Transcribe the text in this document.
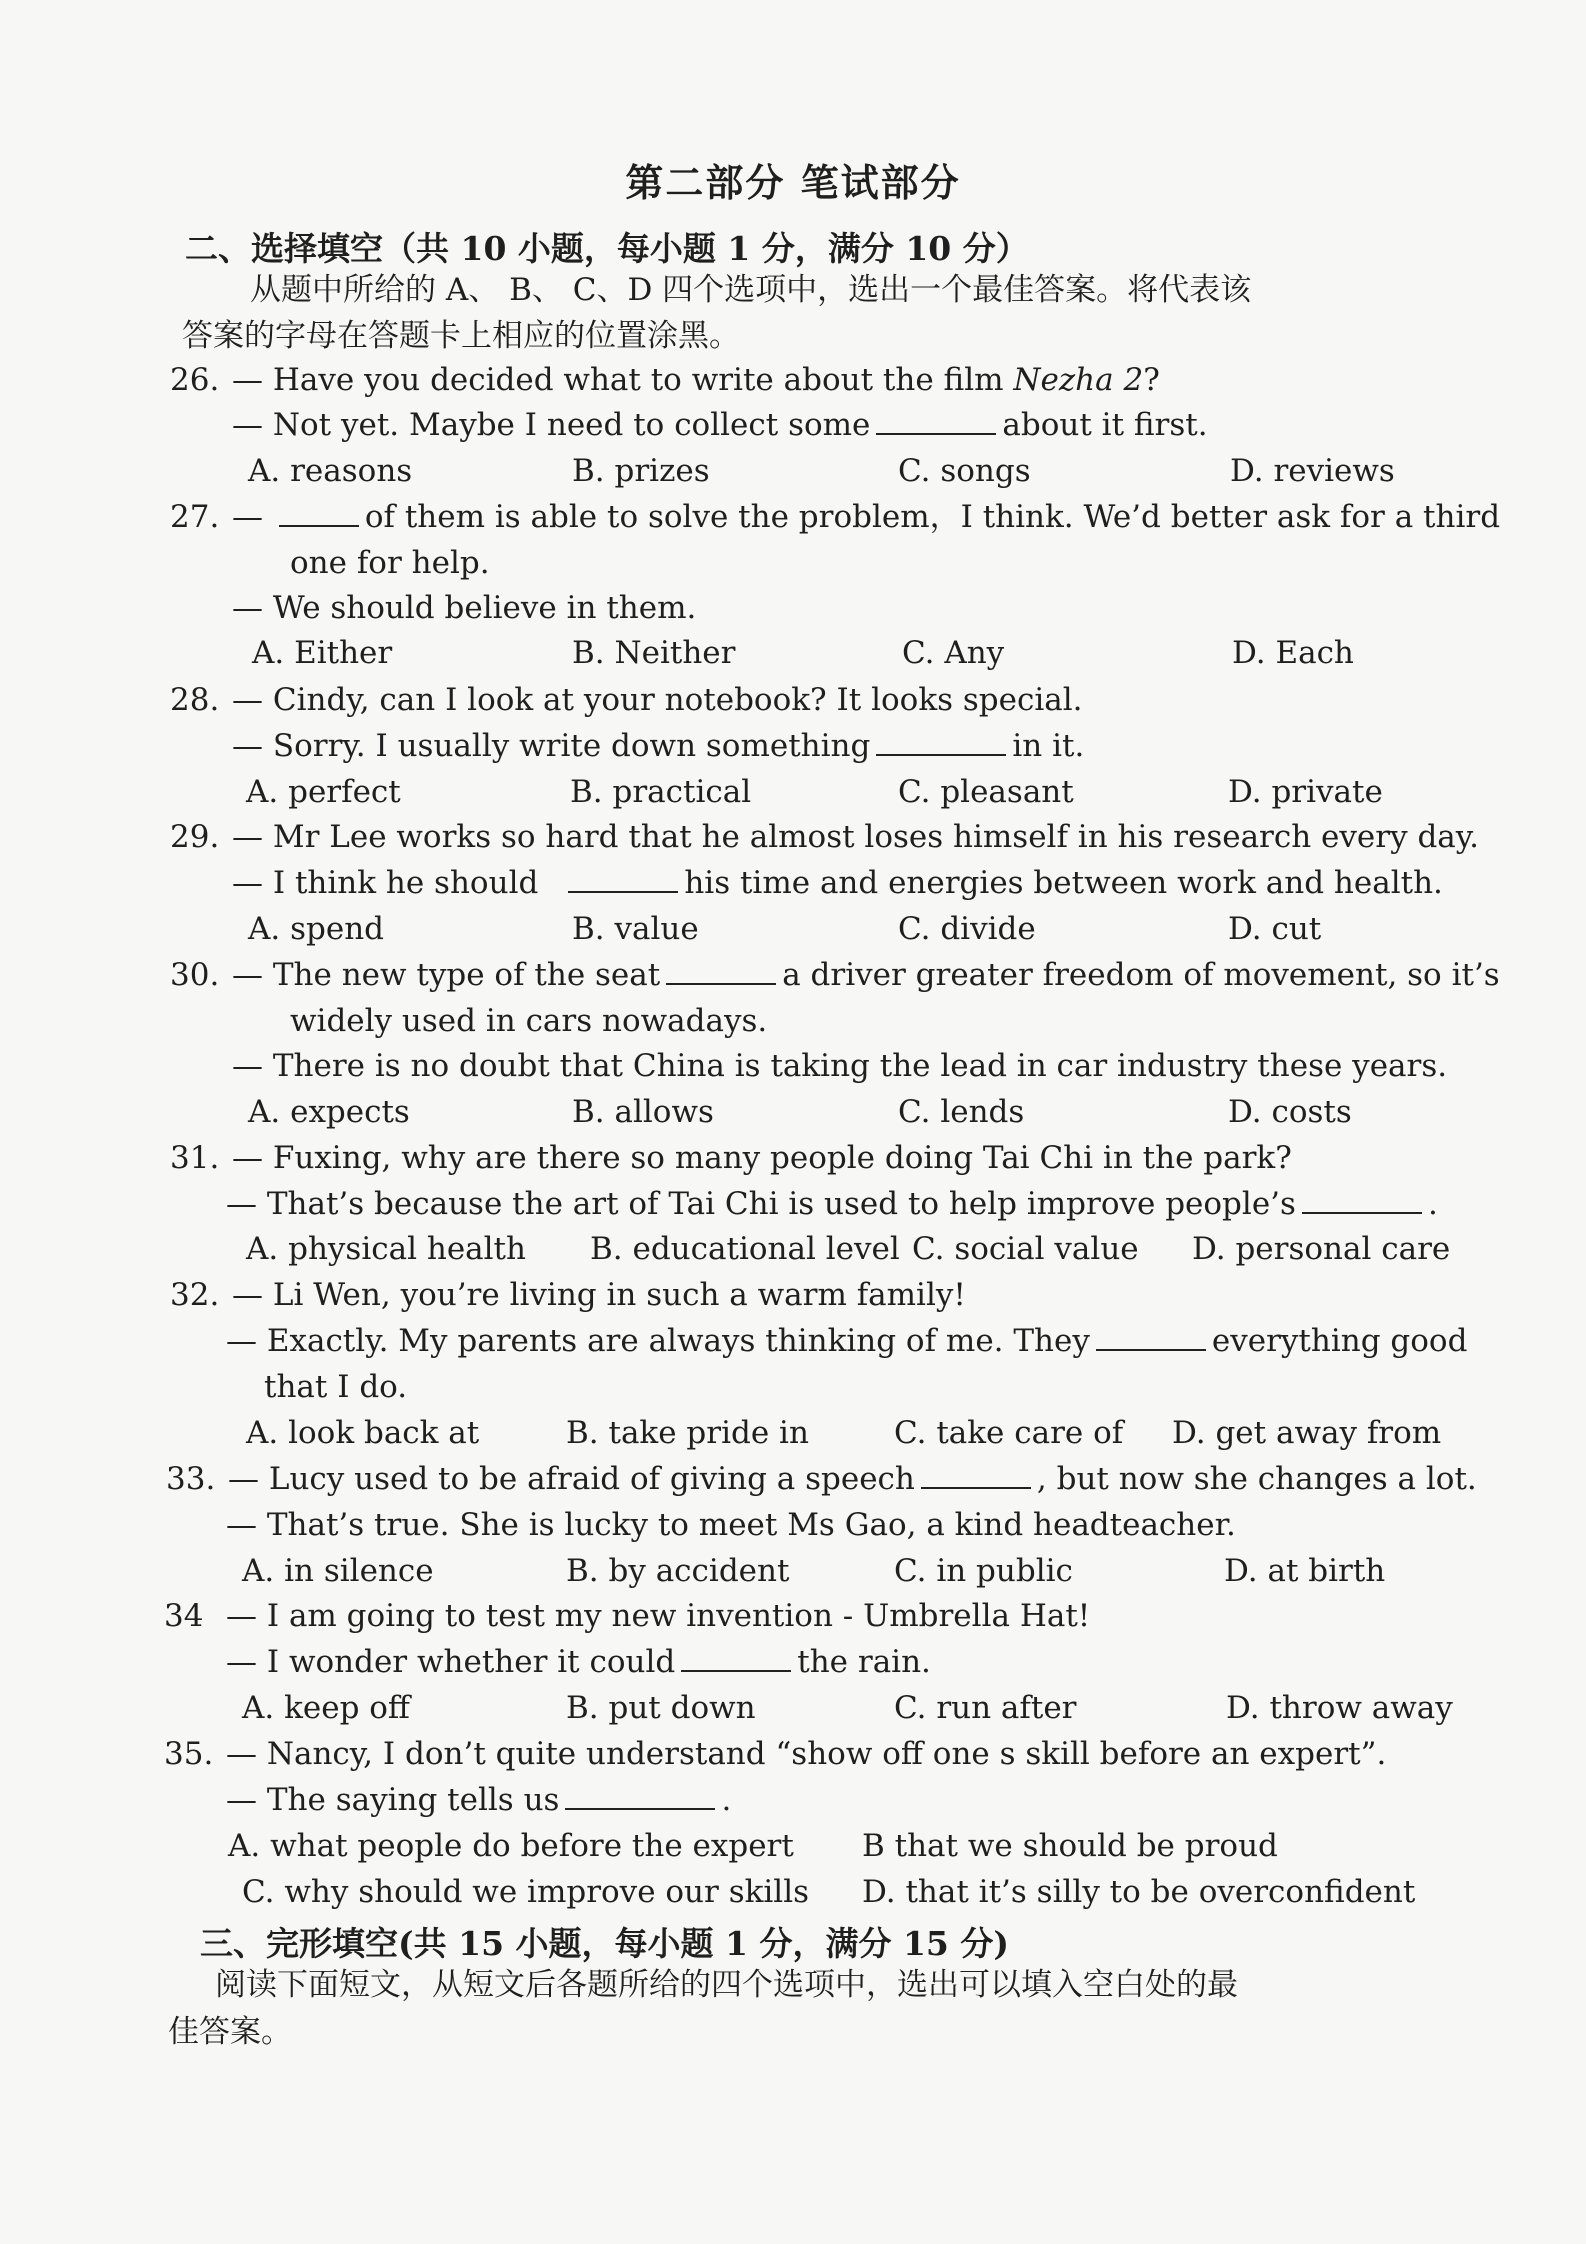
第二部分 笔试部分
二、选择填空（共 10 小题，每小题 1 分，满分 10 分）
从题中所给的 A、 B、 C、D 四个选项中，选出一个最佳答案。将代表该
答案的字母在答题卡上相应的位置涂黑。
26. — Have you decided what to write about the film Nezha 2?
— Not yet. Maybe I need to collect some	about it first.
A. reasons	B. prizes	C. songs	D. reviews
27. —	of them is able to solve the problem，I think. We’d better ask for a third
one for help.
— We should believe in them.
A. Either	B. Neither	C. Any	D. Each
28. — Cindy, can I look at your notebook? It looks special.
— Sorry. I usually write down something	in it.
A. perfect	B. practical	C. pleasant	D. private
29. — Mr Lee works so hard that he almost loses himself in his research every day.
— I think he should	his time and energies between work and health.
A. spend	B. value	C. divide	D. cut
30. — The new type of the seat	a driver greater freedom of movement, so it’s
widely used in cars nowadays.
— There is no doubt that China is taking the lead in car industry these years.
A. expects	B. allows	C. lends	D. costs
31. — Fuxing, why are there so many people doing Tai Chi in the park?
— That’s because the art of Tai Chi is used to help improve people’s	.
A. physical health B. educational level C. social value D. personal care
32. — Li Wen, you’re living in such a warm family!
— Exactly. My parents are always thinking of me. They	everything good
that I do.
A. look back at	B. take pride in	C. take care of D. get away from
33. — Lucy used to be afraid of giving a speech	, but now she changes a lot.
— That’s true. She is lucky to meet Ms Gao, a kind headteacher.
A. in silence	B. by accident	C. in public	D. at birth
34 — I am going to test my new invention - Umbrella Hat!
— I wonder whether it could	the rain.
A. keep off	B. put down	C. run after	D. throw away
35. — Nancy, I don’t quite understand “show off one s skill before an expert”.
— The saying tells us	.
A. what people do before the expert B that we should be proud
C. why should we improve our skills D. that it’s silly to be overconfident
三、完形填空(共 15 小题，每小题 1 分，满分 15 分)
阅读下面短文，从短文后各题所给的四个选项中，选出可以填入空白处的最
佳答案。
